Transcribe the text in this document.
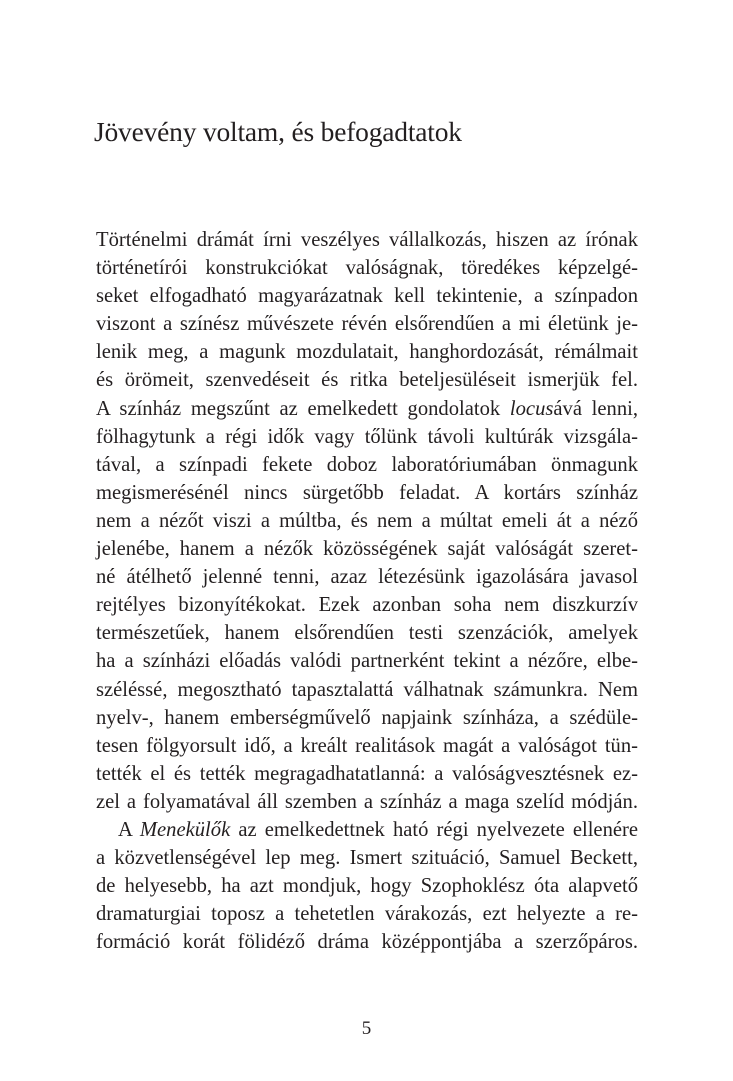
Jövevény voltam, és befogadtatok
Történelmi drámát írni veszélyes vállalkozás, hiszen az írónak
történetírói konstrukciókat valóságnak, töredékes képzelgé-
seket elfogadható magyarázatnak kell tekintenie, a színpadon
viszont a színész művészete révén elsőrendűen a mi életünk je-
lenik meg, a magunk mozdulatait, hanghordozását, rémálmait
és örömeit, szenvedéseit és ritka beteljesüléseit ismerjük fel.
A színház megszűnt az emelkedett gondolatok locusává lenni,
fölhagytunk a régi idők vagy tőlünk távoli kultúrák vizsgála-
tával, a színpadi fekete doboz laboratóriumában önmagunk
megismerésénél nincs sürgetőbb feladat. A kortárs színház
nem a nézőt viszi a múltba, és nem a múltat emeli át a néző
jelenébe, hanem a nézők közösségének saját valóságát szeret-
né átélhető jelenné tenni, azaz létezésünk igazolására javasol
rejtélyes bizonyítékokat. Ezek azonban soha nem diszkurzív
természetűek, hanem elsőrendűen testi szenzációk, amelyek
ha a színházi előadás valódi partnerként tekint a nézőre, elbe-
széléssé, megosztható tapasztalattá válhatnak számunkra. Nem
nyelv-, hanem emberségművelő napjaink színháza, a szédüle-
tesen fölgyorsult idő, a kreált realitások magát a valóságot tün-
tették el és tették megragadhatatlanná: a valóságvesztésnek ez-
zel a folyamatával áll szemben a színház a maga szelíd módján.
A Menekülők az emelkedettnek ható régi nyelvezete ellenére
a közvetlenségével lep meg. Ismert szituáció, Samuel Beckett,
de helyesebb, ha azt mondjuk, hogy Szophoklész óta alapvető
dramaturgiai toposz a tehetetlen várakozás, ezt helyezte a re-
formáció korát fölidéző dráma középpontjába a szerzőpáros.
5
